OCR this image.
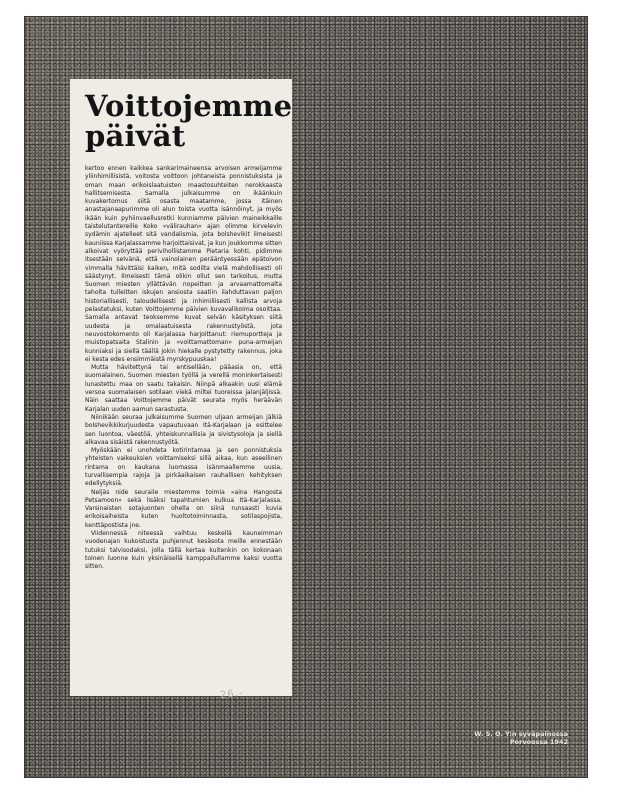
Voittojemme
päivät

kertoo ennen kaikkea sankarimaineensa arvoisen armeijamme yliinhimillisistä, voitosta voittoon johtaneista ponnistuksista ja oman maan erikoislaatuisten maastosuhteiten nerokkaasta hallitsemisesta. Samalla julkaisumme on ikäänkuin kuvakertomus siitä osasta maatamme, jossa itäinen anastajanaapurimme oli alun toista vuotta isännöinyt, ja myös ikään kuin pyhiinvaellusretki kunniamme päivien maineikkaille taistelutantereille Koko »välirauhan» ajan olimme kirvelevin sydämin ajatelleet sitä vandalismia, jota bolshevikit ilmeisesti kauniissa Karjalassamme harjoittaisivat, ja kun joukkomme sitten alkoivat vyöryttää perivihollistamme Pietaria kohti, pidimme itsestään selvänä, että vainolainen perääntyessään epätoivon vimmalla hävittäisi kaiken, mitä sodilta vielä mahdollisesti oli säästynyt. Ilmeisesti tämä olikin ollut sen tarkoitus, mutta Suomen miesten yllättävän nopeitten ja arvaamattomalta taholta tulleitten iskujen ansiosta saatiin ilahduttavan paljon historiallisesti, taloudellisesti ja inhimillisesti kallista arvoja pelastetuksi, kuten Voittojemme päivien kuvavalikoima osoittaa. Samalla antavat teoksemme kuvat selvän käsityksen siitä uudesta ja omalaatuisesta rakennustyöstä, jota neuvostokomento oli Karjalassa harjoittanut: riemuporttejа ja muistopatsaita Stalinin ja »voittamattoman» puna-armeijan kunniaksi ja siellä täällä jokin hiekalle pystytetty rakennus, joka ei kesta edes ensimmäistä myrskypuuskaa!

Mutta hävitettynä tai entisellään, pääasia on, että suomalainen, Suomen miesten työllä ja verellä moninkertaisesti lunastettu maa on saatu takaisin. Niinpä alkaakin uusi elämä versoa suomalaisen sotilaan viekä miltei tuoreissa jalanjäljissä. Näin saattaa Voittojemme päivät seurata myös heräävän Karjalan uuden aamun sarastusta.

Niinikään seuraa julkaisumme Suomen uljaan armeijan jälkiä bolshevikkikurjuudesta vapautuvaan Itä-Karjalaan ja esittelee sen luontoa, väestöä, yhteiskunnallisia ja sivistysoloja ja siellä alkavaa sisäistä rakennustyötä.

Myöskään ei unohdeta kotirintamaa ja sen ponnistuksia yhteisten vaikeuksien voittamiseksi sillä aikaa, kun aseellinen rintama on kaukana luomassa isänmaallemme uusia, turvallisempia rajoja ja pirkäaikaisen rauhallisen kehityksen edellytyksiä.

Neljäs nide seuraile miestemme toimia »aina Hangosta Petsamoon» sekä lisäksi tapahtumien kulkua Itä-Karjalassa. Varsinaisten sotajuonten ohella on siinä runsaasti kuvia erikoisaiheista kuten huoltotoiminnasta, sotilaspojista, kenttäpostista jne.

Viidennessä niteessä vaihtuu keskellä kauneimman vuodenajan kukoistusta puhjennut kesäsota meille ennestään tutuksi talvisodaksi, jolla tällä kertaa kuitenkin on kokonaan toinen luonne kuin yksinäisellä kamppailullamme kaksi vuotta sitten.

26.-
W. S. O. Y:n syväpainossa
Porvoossa 1942
